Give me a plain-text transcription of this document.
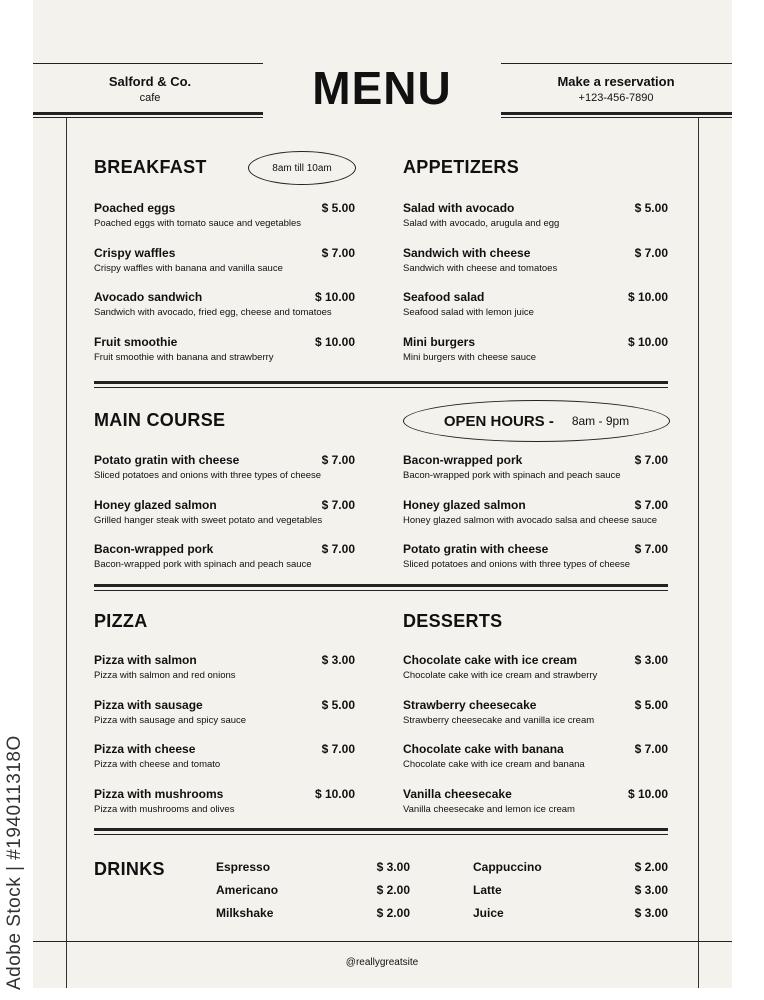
Adobe Stock | #194011318O
Salford & Co.
cafe	MENU	Make a reservation
+123-456-7890
8am till 10am
OPEN HOURS - 8am - 9pm
BREAKFAST
Poached eggs	$ 5.00
Poached eggs with tomato sauce and vegetables
Crispy waffles	$ 7.00
Crispy waffles with banana and vanilla sauce
Avocado sandwich	$ 10.00
Sandwich with avocado, fried egg, cheese and tomatoes
Fruit smoothie	$ 10.00
Fruit smoothie with banana and strawberry
APPETIZERS
Salad with avocado	$ 5.00
Salad with avocado, arugula and egg
Sandwich with cheese	$ 7.00
Sandwich with cheese and tomatoes
Seafood salad	$ 10.00
Seafood salad with lemon juice
Mini burgers	$ 10.00
Mini burgers with cheese sauce
MAIN COURSE
Potato gratin with cheese	$ 7.00
Sliced potatoes and onions with three types of cheese
Honey glazed salmon	$ 7.00
Grilled hanger steak with sweet potato and vegetables
Bacon-wrapped pork	$ 7.00
Bacon-wrapped pork with spinach and peach sauce
Bacon-wrapped pork	$ 7.00
Bacon-wrapped pork with spinach and peach sauce
Honey glazed salmon	$ 7.00
Honey glazed salmon with avocado salsa and cheese sauce
Potato gratin with cheese	$ 7.00
Sliced potatoes and onions with three types of cheese
PIZZA
Pizza with salmon	$ 3.00
Pizza with salmon and red onions
Pizza with sausage	$ 5.00
Pizza with sausage and spicy sauce
Pizza with cheese	$ 7.00
Pizza with cheese and tomato
Pizza with mushrooms	$ 10.00
Pizza with mushrooms and olives
DESSERTS
Chocolate cake with ice cream	$ 3.00
Chocolate cake with ice cream and strawberry
Strawberry cheesecake	$ 5.00
Strawberry cheesecake and vanilla ice cream
Chocolate cake with banana	$ 7.00
Chocolate cake with ice cream and banana
Vanilla cheesecake	$ 10.00
Vanilla cheesecake and lemon ice cream
Espresso	$ 3.00
Americano	$ 2.00
Milkshake	$ 2.00
Cappuccino	$ 2.00
Latte	$ 3.00
Juice	$ 3.00
DRINKS
@reallygreatsite
